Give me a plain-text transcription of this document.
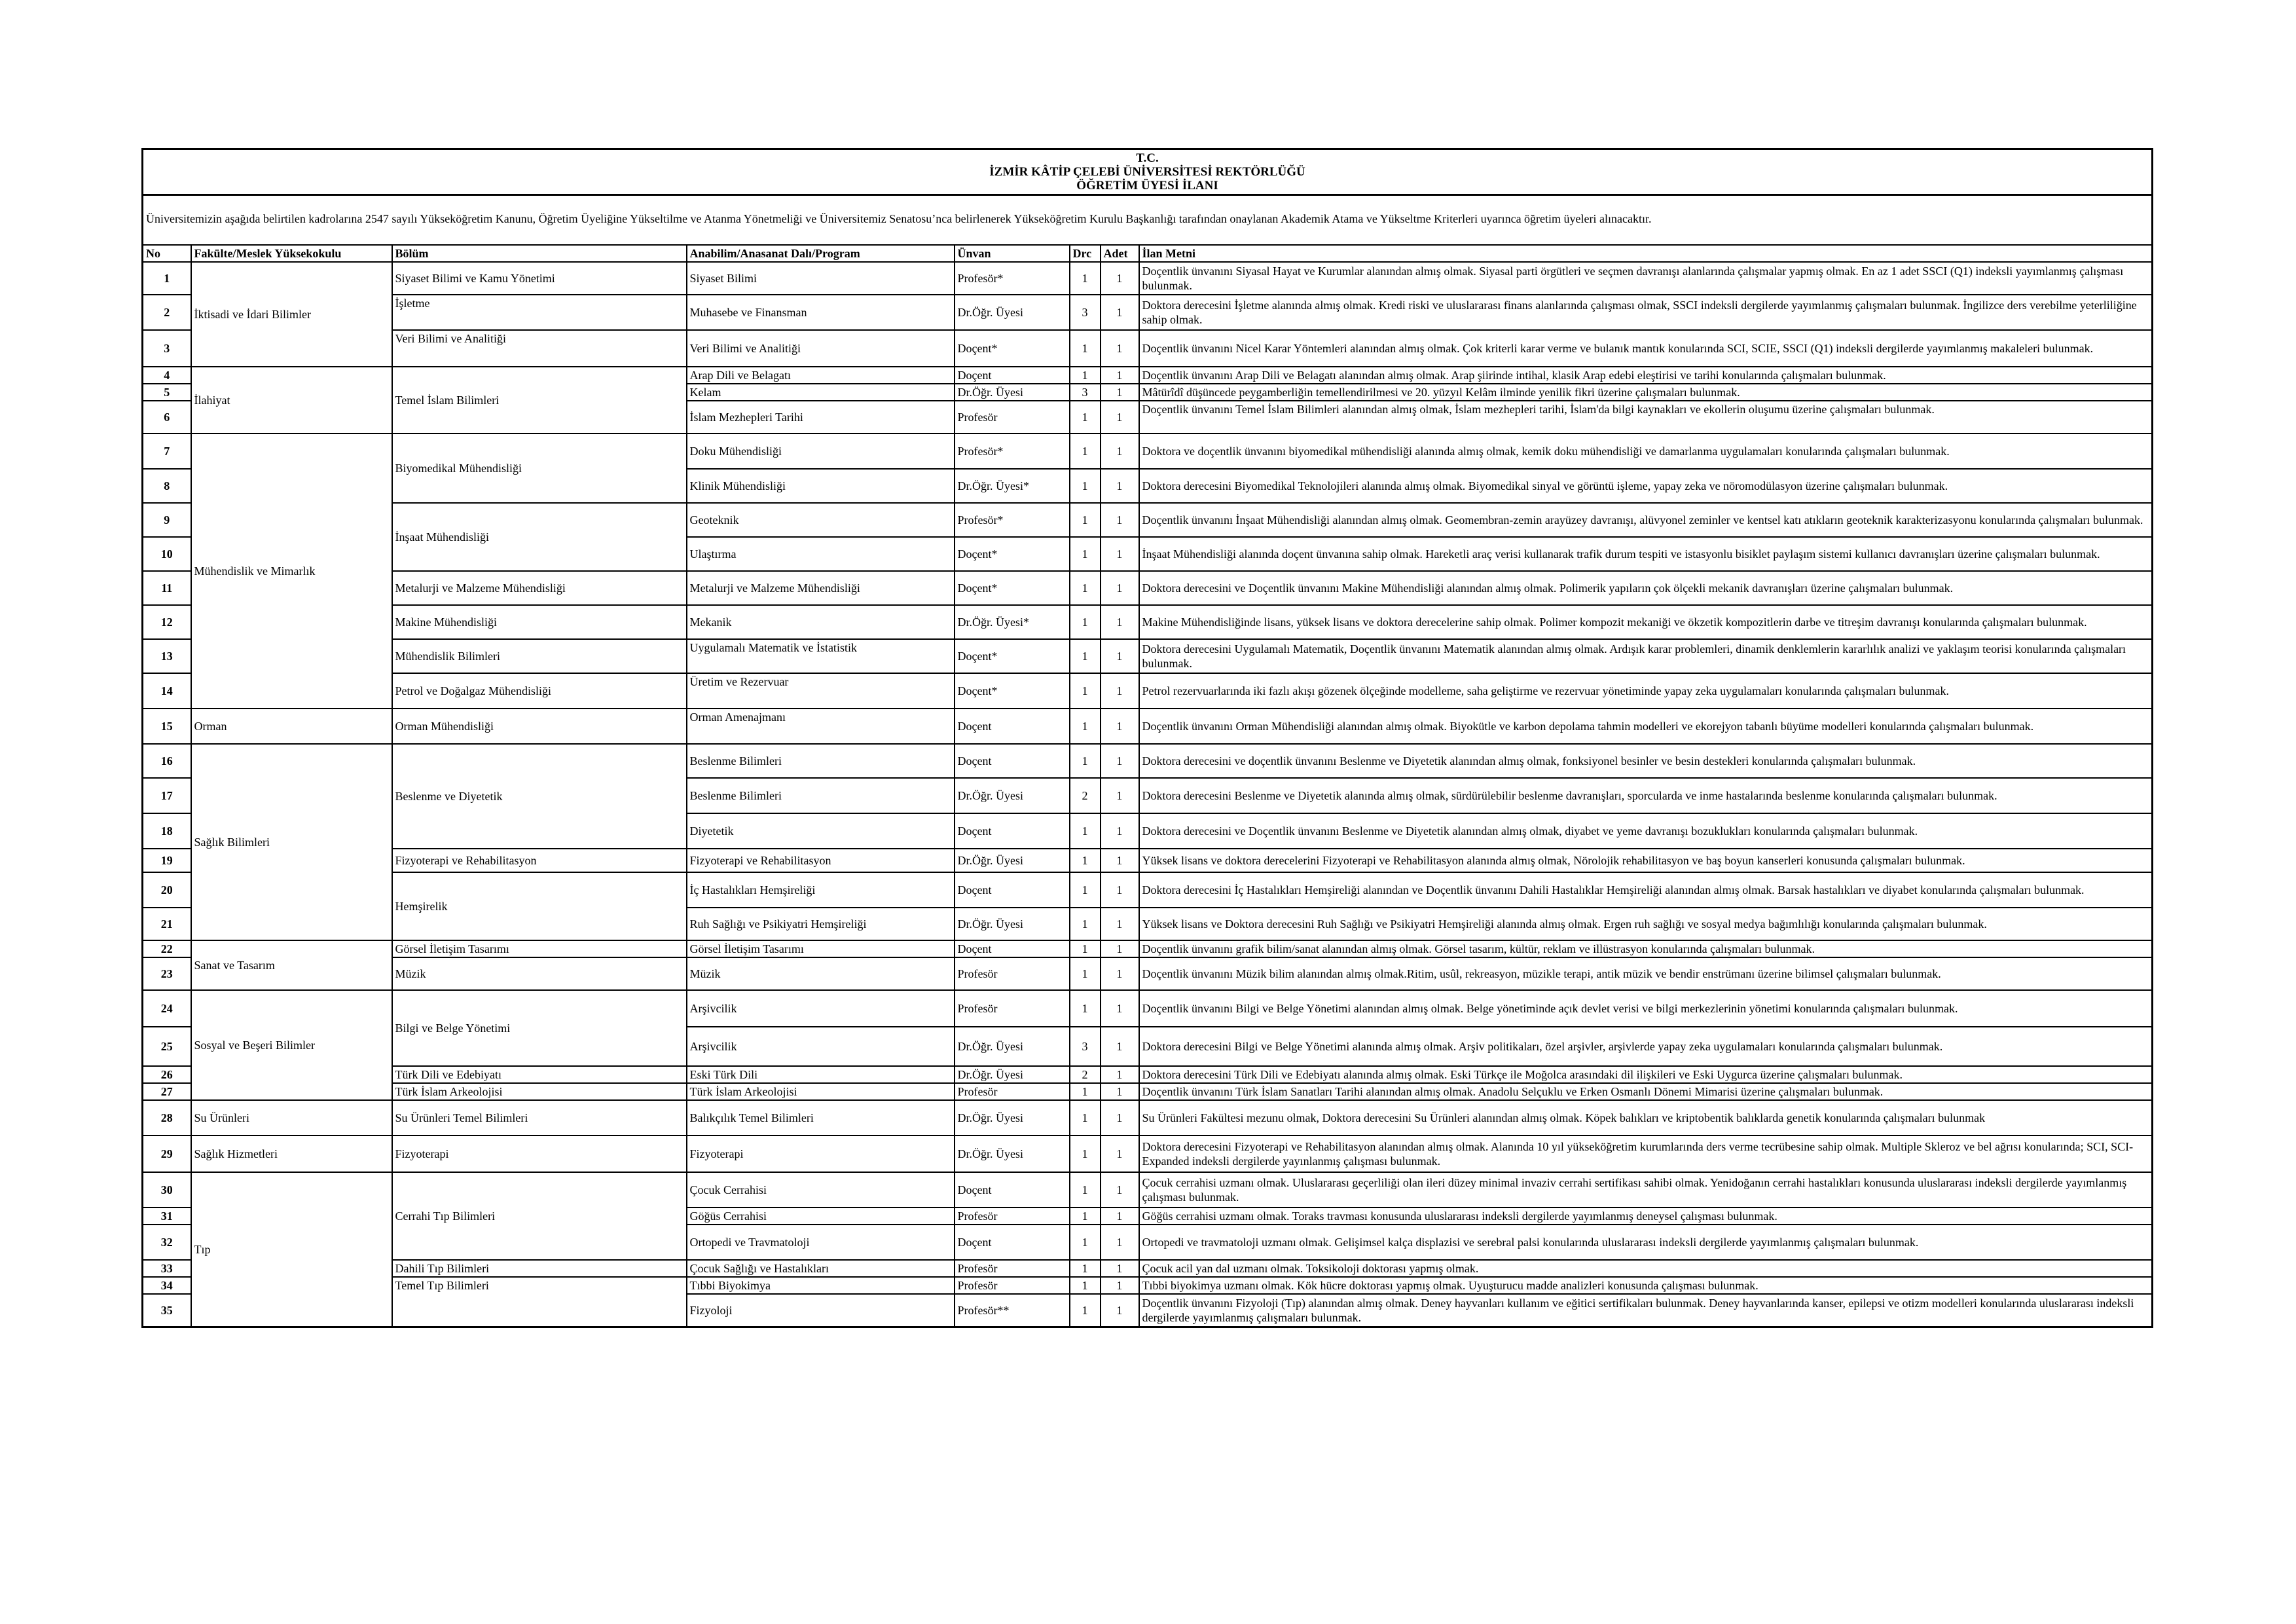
T.C.
İZMİR KÂTİP ÇELEBİ ÜNİVERSİTESİ REKTÖRLÜĞÜ
ÖĞRETİM ÜYESİ İLANI							

Üniversitemizin aşağıda belirtilen kadrolarına 2547 sayılı Yükseköğretim Kanunu, Öğretim Üyeliğine Yükseltilme ve Atanma Yönetmeliği ve Üniversitemiz Senatosu’nca belirlenerek Yükseköğretim Kurulu Başkanlığı tarafından onaylanan Akademik Atama ve Yükseltme Kriterleri uyarınca öğretim üyeleri alınacaktır.							
No	Fakülte/Meslek Yüksekokulu	Bölüm	Anabilim/Anasanat Dalı/Program	Ünvan	Drc	Adet	İlan Metni
1	İktisadi ve İdari Bilimler	Siyaset Bilimi ve Kamu Yönetimi	Siyaset Bilimi	Profesör*	1	1	Doçentlik ünvanını Siyasal Hayat ve Kurumlar alanından almış olmak. Siyasal parti örgütleri ve seçmen davranışı alanlarında çalışmalar yapmış olmak. En az 1 adet SSCI (Q1) indeksli yayımlanmış çalışması bulunmak.
2		İşletme	Muhasebe ve Finansman	Dr.Öğr. Üyesi	3	1	Doktora derecesini İşletme alanında almış olmak. Kredi riski ve uluslararası finans alanlarında çalışması olmak, SSCI indeksli dergilerde yayımlanmış çalışmaları bulunmak. İngilizce ders verebilme yeterliliğine sahip olmak.
3		Veri Bilimi ve Analitiği	Veri Bilimi ve Analitiği	Doçent*	1	1	Doçentlik ünvanını Nicel Karar Yöntemleri alanından almış olmak. Çok kriterli karar verme ve bulanık mantık konularında SCI, SCIE, SSCI (Q1) indeksli dergilerde yayımlanmış makaleleri bulunmak.
4	İlahiyat	Temel İslam Bilimleri	Arap Dili ve Belagatı	Doçent	1	1	Doçentlik ünvanını Arap Dili ve Belagatı alanından almış olmak. Arap şiirinde intihal, klasik Arap edebi eleştirisi ve tarihi konularında çalışmaları bulunmak.
5			Kelam	Dr.Öğr. Üyesi	3	1	Mâtürîdî düşüncede peygamberliğin temellendirilmesi ve 20. yüzyıl Kelâm ilminde yenilik fikri üzerine çalışmaları bulunmak.
6			İslam Mezhepleri Tarihi	Profesör	1	1	Doçentlik ünvanını Temel İslam Bilimleri alanından almış olmak, İslam mezhepleri tarihi, İslam'da bilgi kaynakları ve ekollerin oluşumu üzerine çalışmaları bulunmak.
7	Mühendislik ve Mimarlık	Biyomedikal Mühendisliği	Doku Mühendisliği	Profesör*	1	1	Doktora ve doçentlik ünvanını biyomedikal mühendisliği alanında almış olmak, kemik doku mühendisliği ve damarlanma uygulamaları konularında çalışmaları bulunmak.
8			Klinik Mühendisliği	Dr.Öğr. Üyesi*	1	1	Doktora derecesini Biyomedikal Teknolojileri alanında almış olmak. Biyomedikal sinyal ve görüntü işleme, yapay zeka ve nöromodülasyon üzerine çalışmaları bulunmak.
9		İnşaat Mühendisliği	Geoteknik	Profesör*	1	1	Doçentlik ünvanını İnşaat Mühendisliği alanından almış olmak. Geomembran-zemin arayüzey davranışı, alüvyonel zeminler ve kentsel katı atıkların geoteknik karakterizasyonu konularında çalışmaları bulunmak.
10			Ulaştırma	Doçent*	1	1	İnşaat Mühendisliği alanında doçent ünvanına sahip olmak. Hareketli araç verisi kullanarak trafik durum tespiti ve istasyonlu bisiklet paylaşım sistemi kullanıcı davranışları üzerine çalışmaları bulunmak.
11		Metalurji ve Malzeme Mühendisliği	Metalurji ve Malzeme Mühendisliği	Doçent*	1	1	Doktora derecesini ve Doçentlik ünvanını Makine Mühendisliği alanından almış olmak. Polimerik yapıların çok ölçekli mekanik davranışları üzerine çalışmaları bulunmak.
12		Makine Mühendisliği	Mekanik	Dr.Öğr. Üyesi*	1	1	Makine Mühendisliğinde lisans, yüksek lisans ve doktora derecelerine sahip olmak. Polimer kompozit mekaniği ve ökzetik kompozitlerin darbe ve titreşim davranışı konularında çalışmaları bulunmak.
13		Mühendislik Bilimleri	Uygulamalı Matematik ve İstatistik	Doçent*	1	1	Doktora derecesini Uygulamalı Matematik, Doçentlik ünvanını Matematik alanından almış olmak. Ardışık karar problemleri, dinamik denklemlerin kararlılık analizi ve yaklaşım teorisi konularında çalışmaları bulunmak.
14		Petrol ve Doğalgaz Mühendisliği	Üretim ve Rezervuar	Doçent*	1	1	Petrol rezervuarlarında iki fazlı akışı gözenek ölçeğinde modelleme, saha geliştirme ve rezervuar yönetiminde yapay zeka uygulamaları konularında çalışmaları bulunmak.
15	Orman	Orman Mühendisliği	Orman Amenajmanı	Doçent	1	1	Doçentlik ünvanını Orman Mühendisliği alanından almış olmak. Biyokütle ve karbon depolama tahmin modelleri ve ekorejyon tabanlı büyüme modelleri konularında çalışmaları bulunmak.
16	Sağlık Bilimleri	Beslenme ve Diyetetik	Beslenme Bilimleri	Doçent	1	1	Doktora derecesini ve doçentlik ünvanını Beslenme ve Diyetetik alanından almış olmak, fonksiyonel besinler ve besin destekleri konularında çalışmaları bulunmak.
17			Beslenme Bilimleri	Dr.Öğr. Üyesi	2	1	Doktora derecesini Beslenme ve Diyetetik alanında almış olmak, sürdürülebilir beslenme davranışları, sporcularda ve inme hastalarında beslenme konularında çalışmaları bulunmak.
18			Diyetetik	Doçent	1	1	Doktora derecesini ve Doçentlik ünvanını Beslenme ve Diyetetik alanından almış olmak, diyabet ve yeme davranışı bozuklukları konularında çalışmaları bulunmak.
19		Fizyoterapi ve Rehabilitasyon	Fizyoterapi ve Rehabilitasyon	Dr.Öğr. Üyesi	1	1	Yüksek lisans ve doktora derecelerini Fizyoterapi ve Rehabilitasyon alanında almış olmak, Nörolojik rehabilitasyon ve baş boyun kanserleri konusunda çalışmaları bulunmak.
20		Hemşirelik	İç Hastalıkları Hemşireliği	Doçent	1	1	Doktora derecesini İç Hastalıkları Hemşireliği alanından ve Doçentlik ünvanını Dahili Hastalıklar Hemşireliği alanından almış olmak. Barsak hastalıkları ve diyabet konularında çalışmaları bulunmak.
21			Ruh Sağlığı ve Psikiyatri Hemşireliği	Dr.Öğr. Üyesi	1	1	Yüksek lisans ve Doktora derecesini Ruh Sağlığı ve Psikiyatri Hemşireliği alanında almış olmak. Ergen ruh sağlığı ve sosyal medya bağımlılığı konularında çalışmaları bulunmak.
22	Sanat ve Tasarım	Görsel İletişim Tasarımı	Görsel İletişim Tasarımı	Doçent	1	1	Doçentlik ünvanını grafik bilim/sanat alanından almış olmak. Görsel tasarım, kültür, reklam ve illüstrasyon konularında çalışmaları bulunmak.
23		Müzik	Müzik	Profesör	1	1	Doçentlik ünvanını Müzik bilim alanından almış olmak.Ritim, usûl, rekreasyon, müzikle terapi, antik müzik ve bendir enstrümanı üzerine bilimsel çalışmaları bulunmak.
24	Sosyal ve Beşeri Bilimler	Bilgi ve Belge Yönetimi	Arşivcilik	Profesör	1	1	Doçentlik ünvanını Bilgi ve Belge Yönetimi alanından almış olmak. Belge yönetiminde açık devlet verisi ve bilgi merkezlerinin yönetimi konularında çalışmaları bulunmak.
25			Arşivcilik	Dr.Öğr. Üyesi	3	1	Doktora derecesini Bilgi ve Belge Yönetimi alanında almış olmak. Arşiv politikaları, özel arşivler, arşivlerde yapay zeka uygulamaları konularında çalışmaları bulunmak.
26		Türk Dili ve Edebiyatı	Eski Türk Dili	Dr.Öğr. Üyesi	2	1	Doktora derecesini Türk Dili ve Edebiyatı alanında almış olmak. Eski Türkçe ile Moğolca arasındaki dil ilişkileri ve Eski Uygurca üzerine çalışmaları bulunmak.
27		Türk İslam Arkeolojisi	Türk İslam Arkeolojisi	Profesör	1	1	Doçentlik ünvanını Türk İslam Sanatları Tarihi alanından almış olmak. Anadolu Selçuklu ve Erken Osmanlı Dönemi Mimarisi üzerine çalışmaları bulunmak.
28	Su Ürünleri	Su Ürünleri Temel Bilimleri	Balıkçılık Temel Bilimleri	Dr.Öğr. Üyesi	1	1	Su Ürünleri Fakültesi mezunu olmak, Doktora derecesini Su Ürünleri alanından almış olmak. Köpek balıkları ve kriptobentik balıklarda genetik konularında çalışmaları bulunmak
29	Sağlık Hizmetleri	Fizyoterapi	Fizyoterapi	Dr.Öğr. Üyesi	1	1	Doktora derecesini Fizyoterapi ve Rehabilitasyon alanından almış olmak. Alanında 10 yıl yükseköğretim kurumlarında ders verme tecrübesine sahip olmak. Multiple Skleroz ve bel ağrısı konularında; SCI, SCI-Expanded indeksli dergilerde yayınlanmış çalışması bulunmak.
30	Tıp	Cerrahi Tıp Bilimleri	Çocuk Cerrahisi	Doçent	1	1	Çocuk cerrahisi uzmanı olmak. Uluslararası geçerliliği olan ileri düzey minimal invaziv cerrahi sertifikası sahibi olmak. Yenidoğanın cerrahi hastalıkları konusunda uluslararası indeksli dergilerde yayımlanmış çalışması bulunmak.
31			Göğüs Cerrahisi	Profesör	1	1	Göğüs cerrahisi uzmanı olmak. Toraks travması konusunda uluslararası indeksli dergilerde yayımlanmış deneysel çalışması bulunmak.
32			Ortopedi ve Travmatoloji	Doçent	1	1	Ortopedi ve travmatoloji uzmanı olmak. Gelişimsel kalça displazisi ve serebral palsi konularında uluslararası indeksli dergilerde yayımlanmış çalışmaları bulunmak.
33		Dahili Tıp Bilimleri	Çocuk Sağlığı ve Hastalıkları	Profesör	1	1	Çocuk acil yan dal uzmanı olmak. Toksikoloji doktorası yapmış olmak.
34		Temel Tıp Bilimleri	Tıbbi Biyokimya	Profesör	1	1	Tıbbi biyokimya uzmanı olmak. Kök hücre doktorası yapmış olmak. Uyuşturucu madde analizleri konusunda çalışması bulunmak.
35			Fizyoloji	Profesör**	1	1	Doçentlik ünvanını Fizyoloji (Tıp) alanından almış olmak. Deney hayvanları kullanım ve eğitici sertifikaları bulunmak. Deney hayvanlarında kanser, epilepsi ve otizm modelleri konularında uluslararası indeksli dergilerde yayımlanmış çalışmaları bulunmak.
